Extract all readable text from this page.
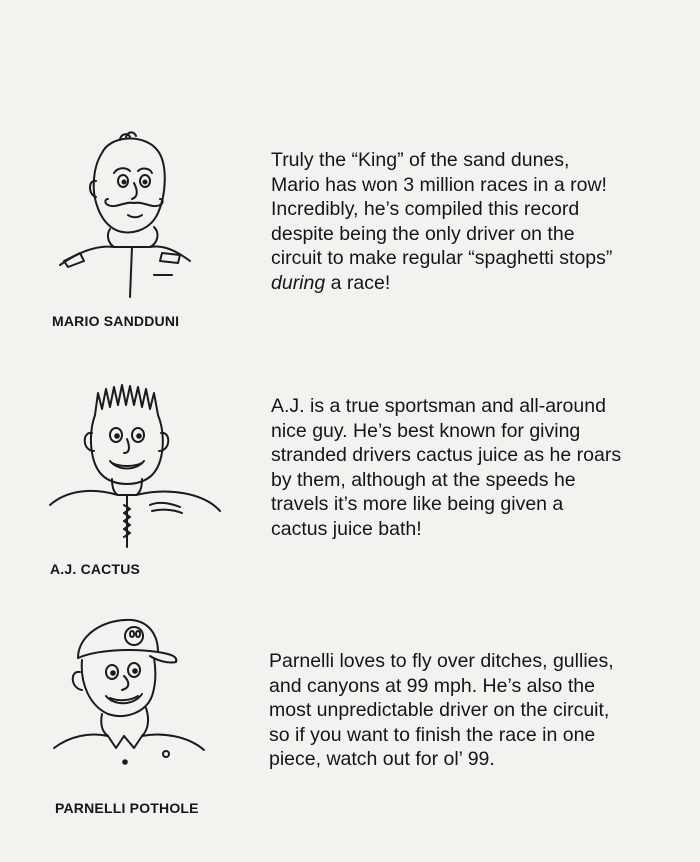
MARIO SANDDUNI

Truly the “King” of the sand dunes,
Mario has won 3 million races in a row!
Incredibly, he’s compiled this record
despite being the only driver on the
circuit to make regular “spaghetti stops”
during a race!

A.J. CACTUS

A.J. is a true sportsman and all-around
nice guy. He’s best known for giving
stranded drivers cactus juice as he roars
by them, although at the speeds he
travels it’s more like being given a
cactus juice bath!

PARNELLI POTHOLE

Parnelli loves to fly over ditches, gullies,
and canyons at 99 mph. He’s also the
most unpredictable driver on the circuit,
so if you want to finish the race in one
piece, watch out for ol’ 99.
